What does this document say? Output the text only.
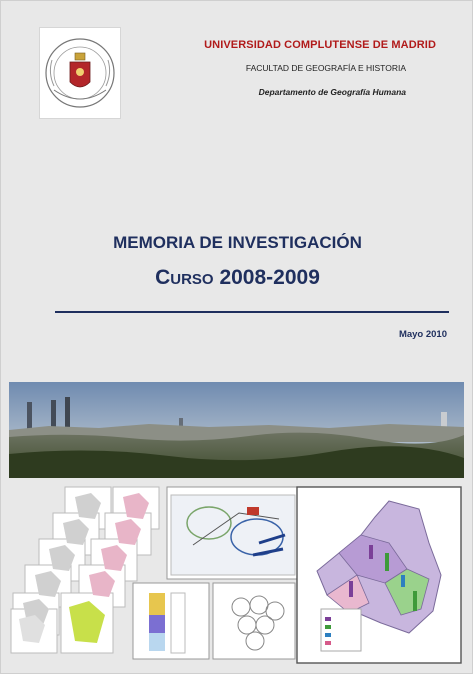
UNIVERSIDAD COMPLUTENSE DE MADRID
FACULTAD DE GEOGRAFÍA E HISTORIA
Departamento de Geografía Humana
MEMORIA DE INVESTIGACIÓN
CURSO 2008-2009
Mayo 2010
